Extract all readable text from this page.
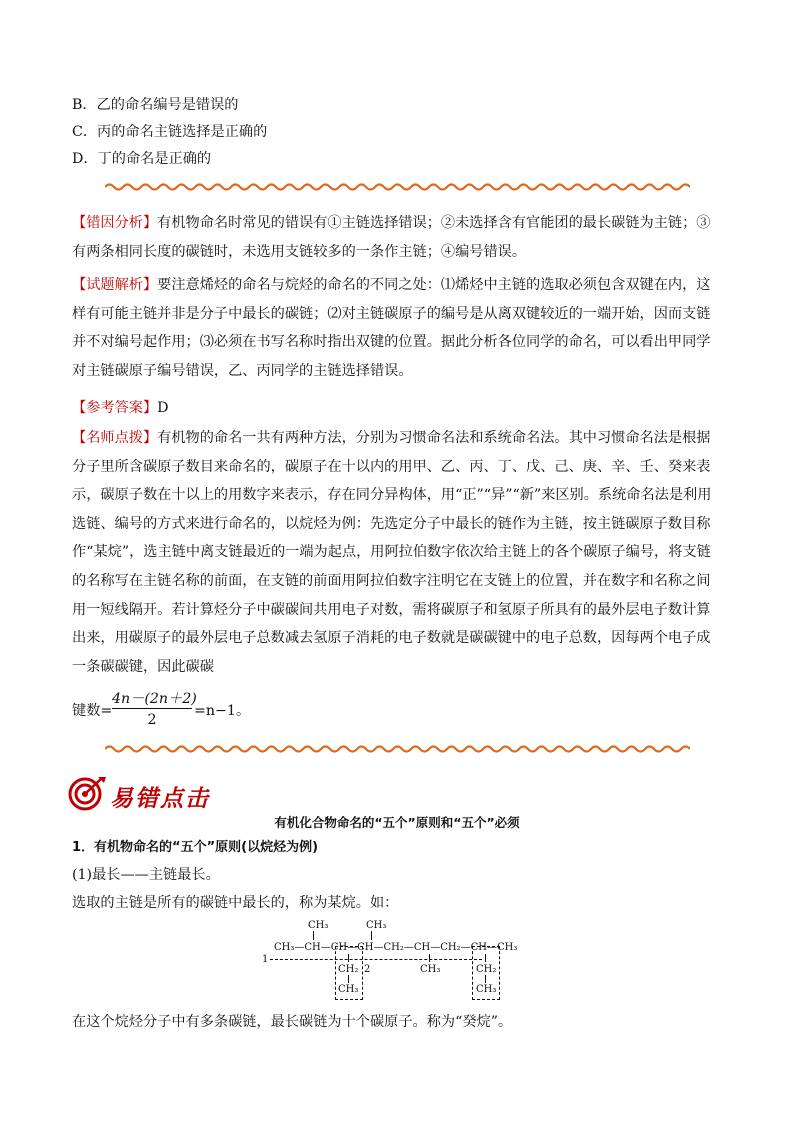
B．乙的命名编号是错误的
C．丙的命名主链选择是正确的
D．丁的命名是正确的
【错因分析】有机物命名时常见的错误有①主链选择错误；②未选择含有官能团的最长碳链为主链；③有两条相同长度的碳链时，未选用支链较多的一条作主链；④编号错误。
【试题解析】要注意烯烃的命名与烷烃的命名的不同之处：⑴烯烃中主链的选取必须包含双键在内，这样有可能主链并非是分子中最长的碳链；⑵对主链碳原子的编号是从离双键较近的一端开始，因而支链并不对编号起作用；⑶必须在书写名称时指出双键的位置。据此分析各位同学的命名，可以看出甲同学对主链碳原子编号错误，乙、丙同学的主链选择错误。
【参考答案】D
【名师点拨】有机物的命名一共有两种方法，分别为习惯命名法和系统命名法。其中习惯命名法是根据分子里所含碳原子数目来命名的，碳原子在十以内的用甲、乙、丙、丁、戊、己、庚、辛、壬、癸来表示，碳原子数在十以上的用数字来表示，存在同分异构体，用“正”“异”“新”来区别。系统命名法是利用选链、编号的方式来进行命名的，以烷烃为例：先选定分子中最长的链作为主链，按主链碳原子数目称作“某烷”，选主链中离支链最近的一端为起点，用阿拉伯数字依次给主链上的各个碳原子编号，将支链的名称写在主链名称的前面，在支链的前面用阿拉伯数字注明它在支链上的位置，并在数字和名称之间用一短线隔开。若计算烃分子中碳碳间共用电子对数，需将碳原子和氢原子所具有的最外层电子数计算出来，用碳原子的最外层电子总数减去氢原子消耗的电子数就是碳碳键中的电子总数，因每两个电子成一条碳碳键，因此碳碳
键数=
4n－(2n＋2)
2
=n−1。
易错点击
有机化合物命名的“五个”原则和“五个”必须
1．有机物命名的“五个”原则(以烷烃为例)
(1)最长——主链最长。
选取的主链是所有的碳链中最长的，称为某烷。如：
CH₃	CH₃
CH₃—CH—CH—CH—CH₂—CH—CH₂—CH—CH₃
1
CH₂
CH₃
2	CH₃	CH₂
CH₃
在这个烷烃分子中有多条碳链，最长碳链为十个碳原子。称为“癸烷”。
